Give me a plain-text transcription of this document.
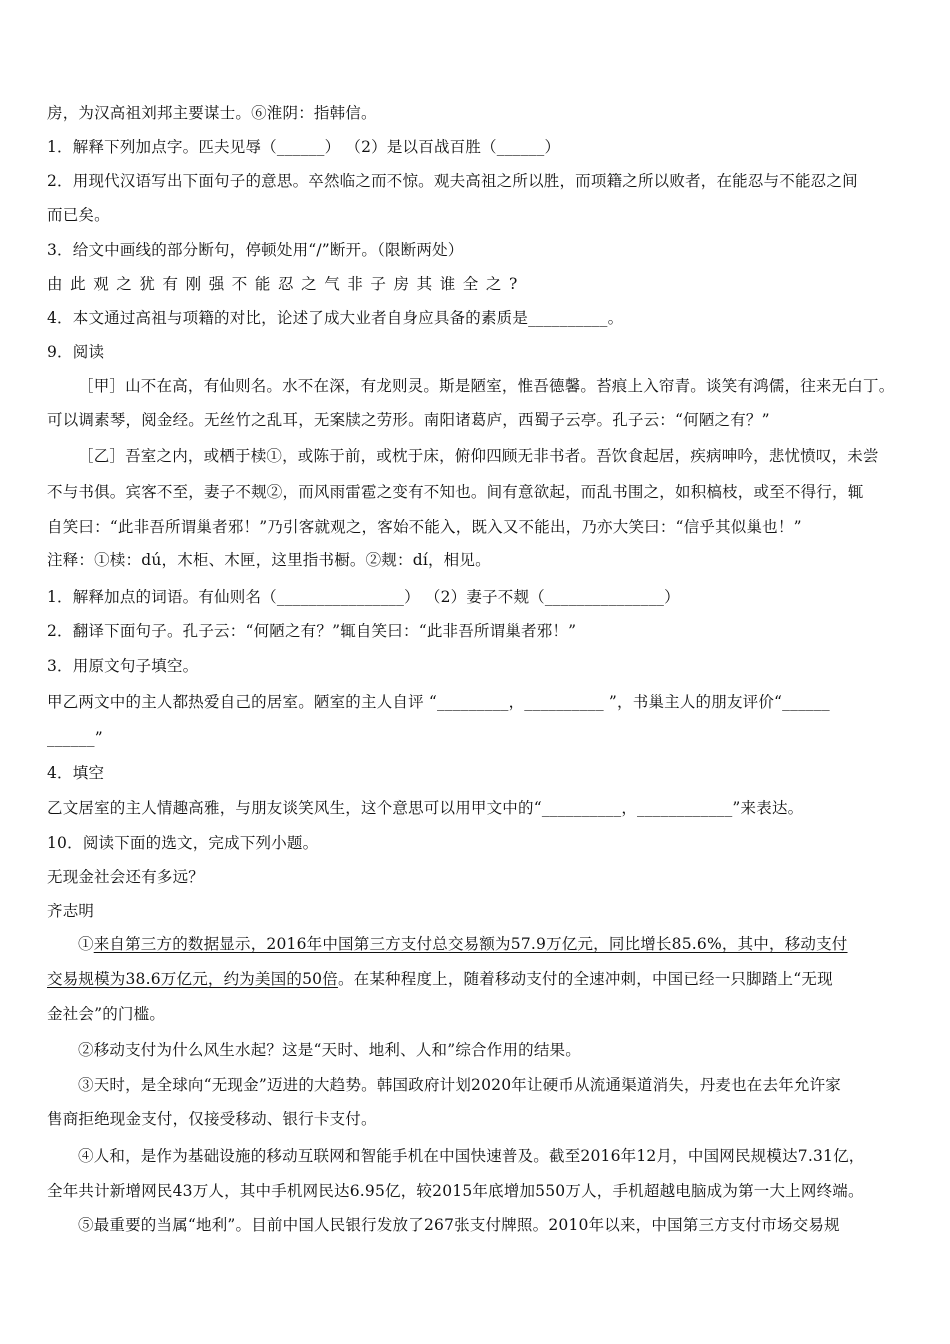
房，为汉高祖刘邦主要谋士。⑥淮阴：指韩信。
1．解释下列加点字。匹夫见辱（______） （2）是以百战百胜（______）
2．用现代汉语写出下面句子的意思。卒然临之而不惊。观夫高祖之所以胜，而项籍之所以败者，在能忍与不能忍之间
而已矣。
3．给文中画线的部分断句，停顿处用“/”断开。（限断两处）
由此观之犹有刚强不能忍之气非子房其谁全之?
4．本文通过高祖与项籍的对比，论述了成大业者自身应具备的素质是__________。
9．阅读
［甲］山不在高，有仙则名。水不在深，有龙则灵。斯是陋室，惟吾德馨。苔痕上入帘青。谈笑有鸿儒，往来无白丁。
可以调素琴，阅金经。无丝竹之乱耳，无案牍之劳形。南阳诸葛庐，西蜀子云亭。孔子云：“何陋之有？”
［乙］吾室之内，或栖于椟①，或陈于前，或枕于床，俯仰四顾无非书者。吾饮食起居，疾病呻吟，悲忧愤叹，未尝
不与书俱。宾客不至，妻子不觌②，而风雨雷雹之变有不知也。间有意欲起，而乱书围之，如积槁枝，或至不得行，辄
自笑曰：“此非吾所谓巢者邪！”乃引客就观之，客始不能入，既入又不能出，乃亦大笑曰：“信乎其似巢也！”
注释：①椟：dú，木柜、木匣，这里指书橱。②觌：dí，相见。
1．解释加点的词语。有仙则名（________________） （2）妻子不觌（_______________）
2．翻译下面句子。孔子云：“何陋之有？”辄自笑曰：“此非吾所谓巢者邪！”
3．用原文句子填空。
甲乙两文中的主人都热爱自己的居室。陋室的主人自评 “_________，__________ ”，书巢主人的朋友评价“______
______”
4．填空
乙文居室的主人情趣高雅，与朋友谈笑风生，这个意思可以用甲文中的“__________，____________”来表达。
10．阅读下面的选文，完成下列小题。
无现金社会还有多远？
齐志明
①来自第三方的数据显示，2016年中国第三方支付总交易额为57.9万亿元，同比增长85.6%，其中，移动支付
交易规模为38.6万亿元，约为美国的50倍。在某种程度上，随着移动支付的全速冲刺，中国已经一只脚踏上“无现
金社会”的门槛。
②移动支付为什么风生水起？这是“天时、地利、人和”综合作用的结果。
③天时，是全球向“无现金”迈进的大趋势。韩国政府计划2020年让硬币从流通渠道消失，丹麦也在去年允许家
售商拒绝现金支付，仅接受移动、银行卡支付。
④人和，是作为基础设施的移动互联网和智能手机在中国快速普及。截至2016年12月，中国网民规模达7.31亿，
全年共计新增网民43万人，其中手机网民达6.95亿，较2015年底增加550万人，手机超越电脑成为第一大上网终端。
⑤最重要的当属“地利”。目前中国人民银行发放了267张支付牌照。2010年以来，中国第三方支付市场交易规
